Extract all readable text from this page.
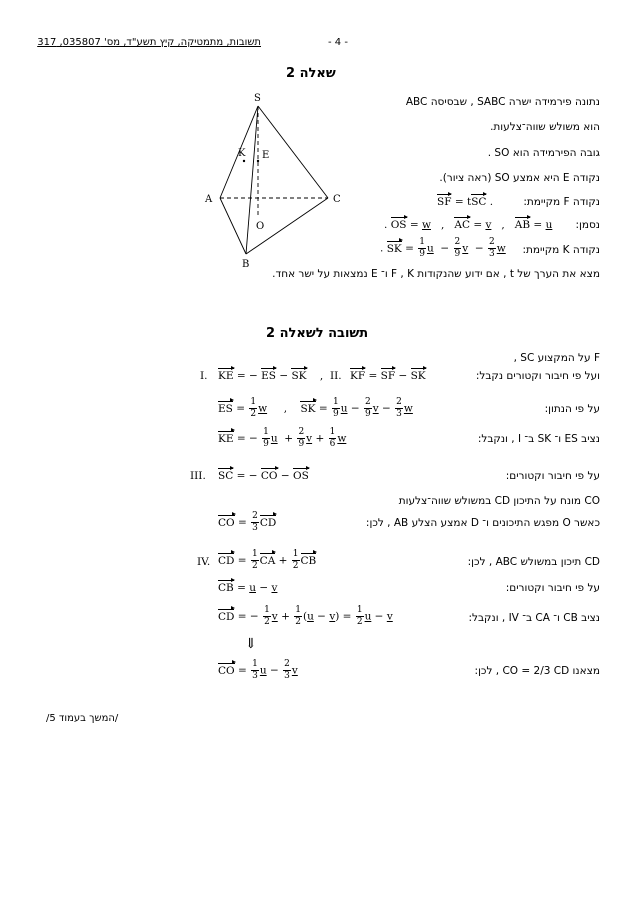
- 4 -
תשובות, מתמטיקה, קיץ תשע"ד, מס' 035807, 317
שאלה 2
S
A
B
C
O
E
K
נתונה פירמידה ישרה SABC , שבסיסה ABC
הוא משולש שווה־צלעות.
גובה הפירמידה הוא SO .
נקודה E היא אמצע SO (ראה ציור).
נקודה F מקיימת:
SF = tSC .
נסמן:
. OS = w   ,   AC = v   ,   AB = u
נקודה K מקיימת:
. SK = $\frac{1}{9}$ $u - \frac{2}{9}$ $v - \frac{2}{3}$ w
מצא את הערך של t , אם ידוע שהנקודות F , K ו־ E נמצאות על ישר אחד.
תשובה לשאלה 2
F על המקצוע SC ,
I. KE = − ES − SK    , II. KF = SF − SK	ועל פי חיבור וקטורים נקבל:
ES = $\frac{1}{2}$ w     ,    SK = $\frac{1}{9}$ $u - \frac{2}{9}$ $v - \frac{2}{3}$ w	על פי הנתון:
KE = − $\frac{1}{9}$ $u + \frac{2}{9}$ $v + \frac{1}{6}$ w	נציב ES ו־ SK ב־ I , ונקבל:
III. SC = − CO − OS	על פי חיבור וקטורים:
CO מונח על התיכון CD במשולש שווה־צלעות
CO = $\frac{2}{3}$ CD	כאשר O מפגש התיכונים ו־ D אמצע הצלע AB , לכן:
IV. CD = $\frac{1}{2}$ CA + $\frac{1}{2}$ CB	CD תיכון במשולש ABC , לכן:
CB = u − v	על פי חיבור וקטורים:
CD = − $\frac{1}{2}$ $v + \frac{1}{2} (u - v) = \frac{1}{2}$ u − v	נציב CB ו־ CA ב־ IV , ונקבל:
⇓
CO = $\frac{1}{3}$ $u - \frac{2}{3}$ v	מצאנו CO = 2/3 CD , לכן:
/המשך בעמוד 5/
